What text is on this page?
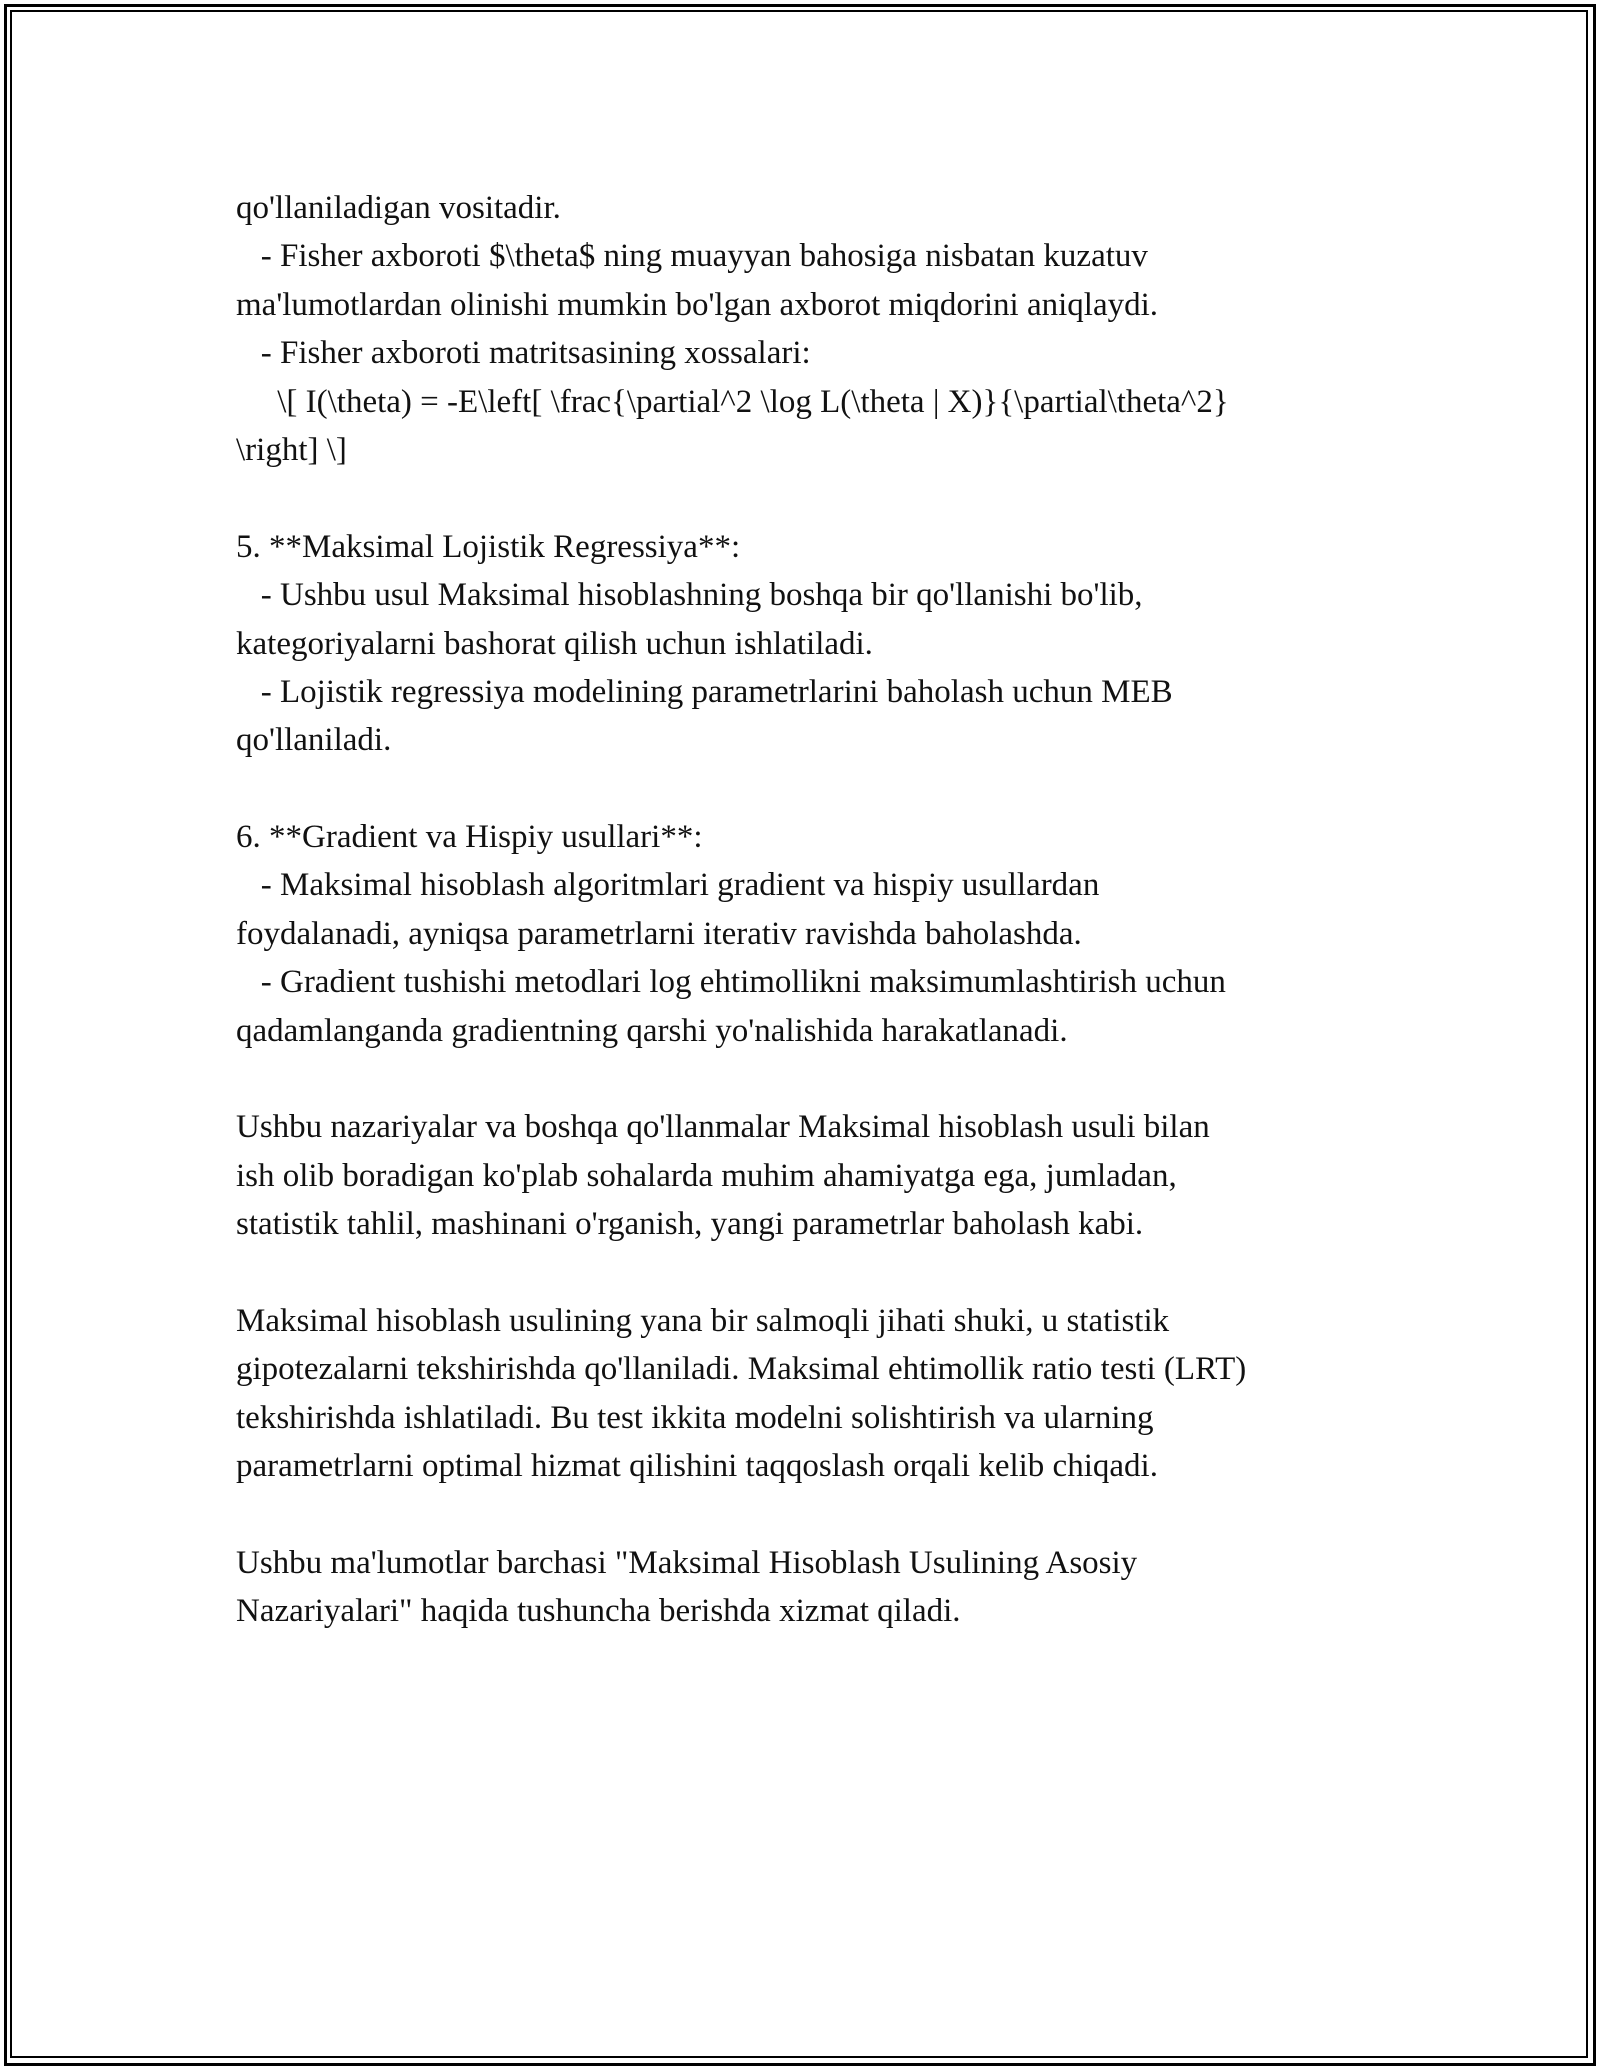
qo'llaniladigan vositadir.
- Fisher axboroti $\theta$ ning muayyan bahosiga nisbatan kuzatuv
ma'lumotlardan olinishi mumkin bo'lgan axborot miqdorini aniqlaydi.
- Fisher axboroti matritsasining xossalari:
\[ I(\theta) = -E\left[ \frac{\partial^2 \log L(\theta | X)}{\partial\theta^2}
\right] \]
5. **Maksimal Lojistik Regressiya**:
- Ushbu usul Maksimal hisoblashning boshqa bir qo'llanishi bo'lib,
kategoriyalarni bashorat qilish uchun ishlatiladi.
- Lojistik regressiya modelining parametrlarini baholash uchun MEB
qo'llaniladi.
6. **Gradient va Hispiy usullari**:
- Maksimal hisoblash algoritmlari gradient va hispiy usullardan
foydalanadi, ayniqsa parametrlarni iterativ ravishda baholashda.
- Gradient tushishi metodlari log ehtimollikni maksimumlashtirish uchun
qadamlanganda gradientning qarshi yo'nalishida harakatlanadi.
Ushbu nazariyalar va boshqa qo'llanmalar Maksimal hisoblash usuli bilan
ish olib boradigan ko'plab sohalarda muhim ahamiyatga ega, jumladan,
statistik tahlil, mashinani o'rganish, yangi parametrlar baholash kabi.
Maksimal hisoblash usulining yana bir salmoqli jihati shuki, u statistik
gipotezalarni tekshirishda qo'llaniladi. Maksimal ehtimollik ratio testi (LRT)
tekshirishda ishlatiladi. Bu test ikkita modelni solishtirish va ularning
parametrlarni optimal hizmat qilishini taqqoslash orqali kelib chiqadi.
Ushbu ma'lumotlar barchasi "Maksimal Hisoblash Usulining Asosiy
Nazariyalari" haqida tushuncha berishda xizmat qiladi.
